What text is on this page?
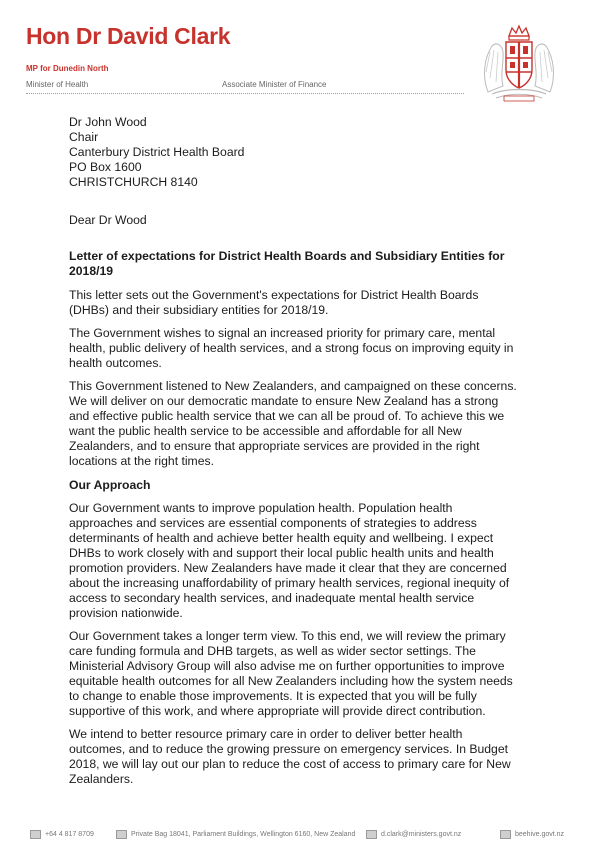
Hon Dr David Clark
MP for Dunedin North
Minister of Health	Associate Minister of Finance
Dr John Wood
Chair
Canterbury District Health Board
PO Box 1600
CHRISTCHURCH 8140
Dear Dr Wood
Letter of expectations for District Health Boards and Subsidiary Entities for 2018/19

This letter sets out the Government's expectations for District Health Boards (DHBs) and their subsidiary entities for 2018/19.

The Government wishes to signal an increased priority for primary care, mental health, public delivery of health services, and a strong focus on improving equity in health outcomes.

This Government listened to New Zealanders, and campaigned on these concerns. We will deliver on our democratic mandate to ensure New Zealand has a strong and effective public health service that we can all be proud of. To achieve this we want the public health service to be accessible and affordable for all New Zealanders, and to ensure that appropriate services are provided in the right locations at the right times.

Our Approach

Our Government wants to improve population health. Population health approaches and services are essential components of strategies to address determinants of health and achieve better health equity and wellbeing. I expect DHBs to work closely with and support their local public health units and health promotion providers. New Zealanders have made it clear that they are concerned about the increasing unaffordability of primary health services, regional inequity of access to secondary health services, and inadequate mental health service provision nationwide.

Our Government takes a longer term view. To this end, we will review the primary care funding formula and DHB targets, as well as wider sector settings. The Ministerial Advisory Group will also advise me on further opportunities to improve equitable health outcomes for all New Zealanders including how the system needs to change to enable those improvements. It is expected that you will be fully supportive of this work, and where appropriate will provide direct contribution.

We intend to better resource primary care in order to deliver better health outcomes, and to reduce the growing pressure on emergency services. In Budget 2018, we will lay out our plan to reduce the cost of access to primary care for New Zealanders.

+64 4 817 8709	Private Bag 18041, Parliament Buildings, Wellington 6160, New Zealand	d.clark@ministers.govt.nz	beehive.govt.nz
